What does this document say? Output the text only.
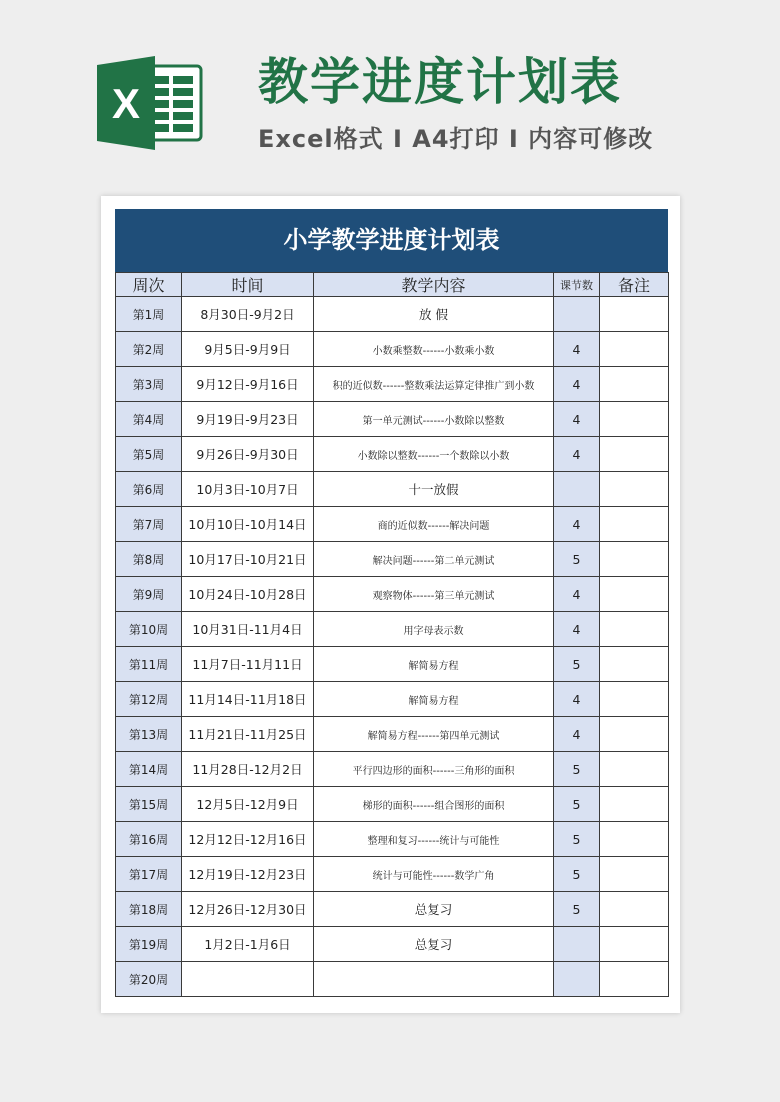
X 教学进度计划表
Excel格式 I A4打印 I 内容可修改
小学教学进度计划表
周次	时间	教学内容	课节数	备注
第1周	8月30日-9月2日	放 假		
第2周	9月5日-9月9日	小数乘整数------小数乘小数	4	
第3周	9月12日-9月16日	积的近似数------整数乘法运算定律推广到小数	4	
第4周	9月19日-9月23日	第一单元测试------小数除以整数	4	
第5周	9月26日-9月30日	小数除以整数------一个数除以小数	4	
第6周	10月3日-10月7日	十一放假		
第7周	10月10日-10月14日	商的近似数------解决问题	4	
第8周	10月17日-10月21日	解决问题------第二单元测试	5	
第9周	10月24日-10月28日	观察物体------第三单元测试	4	
第10周	10月31日-11月4日	用字母表示数	4	
第11周	11月7日-11月11日	解简易方程	5	
第12周	11月14日-11月18日	解简易方程	4	
第13周	11月21日-11月25日	解简易方程------第四单元测试	4	
第14周	11月28日-12月2日	平行四边形的面积------三角形的面积	5	
第15周	12月5日-12月9日	梯形的面积------组合图形的面积	5	
第16周	12月12日-12月16日	整理和复习------统计与可能性	5	
第17周	12月19日-12月23日	统计与可能性------数学广角	5	
第18周	12月26日-12月30日	总复习	5	
第19周	1月2日-1月6日	总复习		
第20周				
